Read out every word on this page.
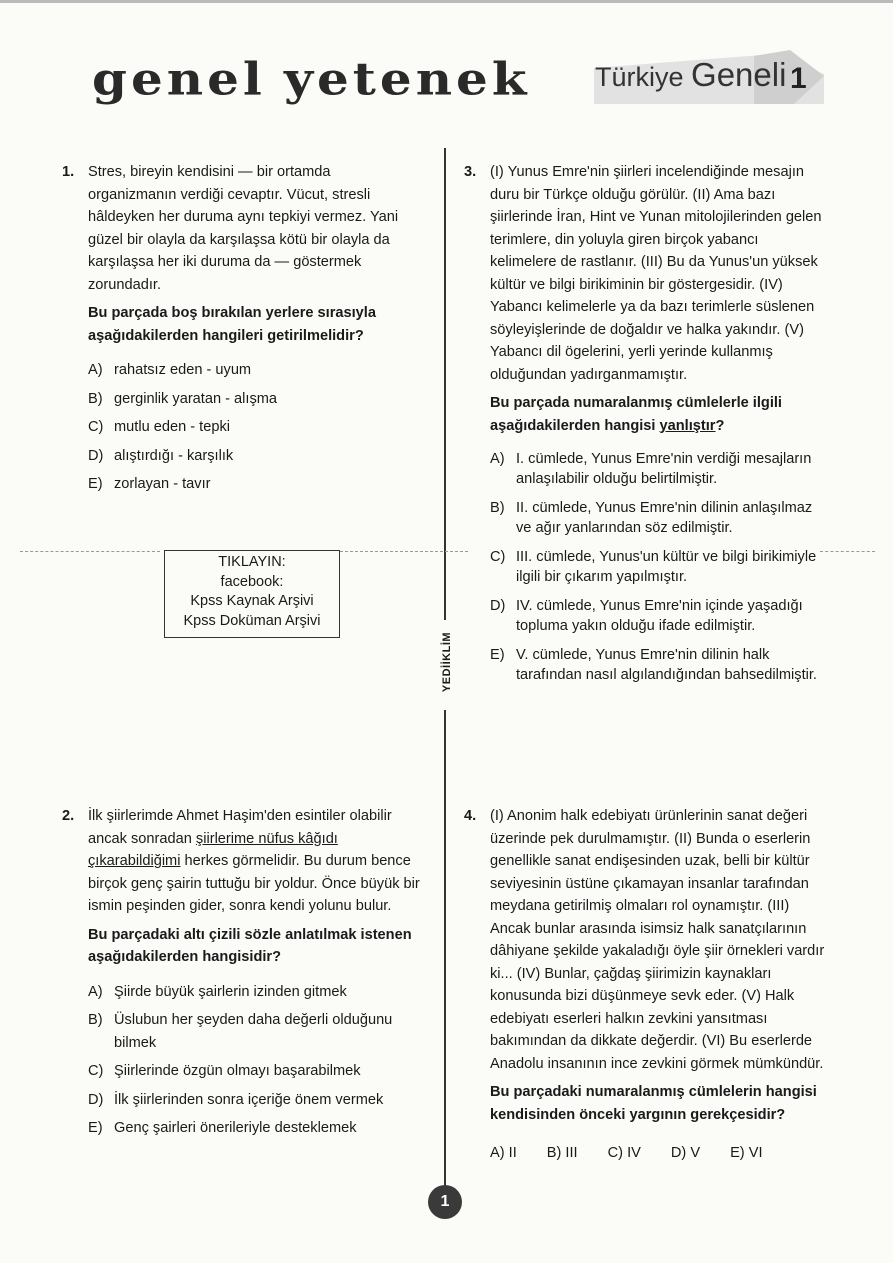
genel yetenek Türkiye Geneli 1
YEDİİKLİM
1. Stres, bireyin kendisini — bir ortamda organizmanın verdiği cevaptır. Vücut, stresli hâldeyken her duruma aynı tepkiyi vermez. Yani güzel bir olayla da karşılaşsa kötü bir olayla da karşılaşsa her iki duruma da — göstermek zorundadır.

Bu parçada boş bırakılan yerlere sırasıyla aşağıdakilerden hangileri getirilmelidir?

A) rahatsız eden - uyum
B) gerginlik yaratan - alışma
C) mutlu eden - tepki
D) alıştırdığı - karşılık
E) zorlayan - tavır
TIKLAYIN:
facebook:
Kpss Kaynak Arşivi
Kpss Doküman Arşivi
2. İlk şiirlerimde Ahmet Haşim'den esintiler olabilir ancak sonradan şiirlerime nüfus kâğıdı çıkarabildiğimi herkes görmelidir. Bu durum bence birçok genç şairin tuttuğu bir yoldur. Önce büyük bir ismin peşinden gider, sonra kendi yolunu bulur.

Bu parçadaki altı çizili sözle anlatılmak istenen aşağıdakilerden hangisidir?

A) Şiirde büyük şairlerin izinden gitmek
B) Üslubun her şeyden daha değerli olduğunu bilmek
C) Şiirlerinde özgün olmayı başarabilmek
D) İlk şiirlerinden sonra içeriğe önem vermek
E) Genç şairleri önerileriyle desteklemek
3. (I) Yunus Emre'nin şiirleri incelendiğinde mesajın duru bir Türkçe olduğu görülür. (II) Ama bazı şiirlerinde İran, Hint ve Yunan mitolojilerinden gelen terimlere, din yoluyla giren birçok yabancı kelimelere de rastlanır. (III) Bu da Yunus'un yüksek kültür ve bilgi birikiminin bir göstergesidir. (IV) Yabancı kelimelerle ya da bazı terimlerle süslenen söyleyişlerinde de doğaldır ve halka yakındır. (V) Yabancı dil ögelerini, yerli yerinde kullanmış olduğundan yadırganmamıştır.

Bu parçada numaralanmış cümlelerle ilgili aşağıdakilerden hangisi yanlıştır?

A) I. cümlede, Yunus Emre'nin verdiği mesajların anlaşılabilir olduğu belirtilmiştir.
B) II. cümlede, Yunus Emre'nin dilinin anlaşılmaz ve ağır yanlarından söz edilmiştir.
C) III. cümlede, Yunus'un kültür ve bilgi birikimiyle ilgili bir çıkarım yapılmıştır.
D) IV. cümlede, Yunus Emre'nin içinde yaşadığı topluma yakın olduğu ifade edilmiştir.
E) V. cümlede, Yunus Emre'nin dilinin halk tarafından nasıl algılandığından bahsedilmiştir.
4. (I) Anonim halk edebiyatı ürünlerinin sanat değeri üzerinde pek durulmamıştır. (II) Bunda o eserlerin genellikle sanat endişesinden uzak, belli bir kültür seviyesinin üstüne çıkamayan insanlar tarafından meydana getirilmiş olmaları rol oynamıştır. (III) Ancak bunlar arasında isimsiz halk sanatçılarının dâhiyane şekilde yakaladığı öyle şiir örnekleri vardır ki... (IV) Bunlar, çağdaş şiirimizin kaynakları konusunda bizi düşünmeye sevk eder. (V) Halk edebiyatı eserleri halkın zevkini yansıtması bakımından da dikkate değerdir. (VI) Bu eserlerde Anadolu insanının ince zevkini görmek mümkündür.

Bu parçadaki numaralanmış cümlelerin hangisi kendisinden önceki yargının gerekçesidir?

A) II B) III C) IV D) V E) VI
1
